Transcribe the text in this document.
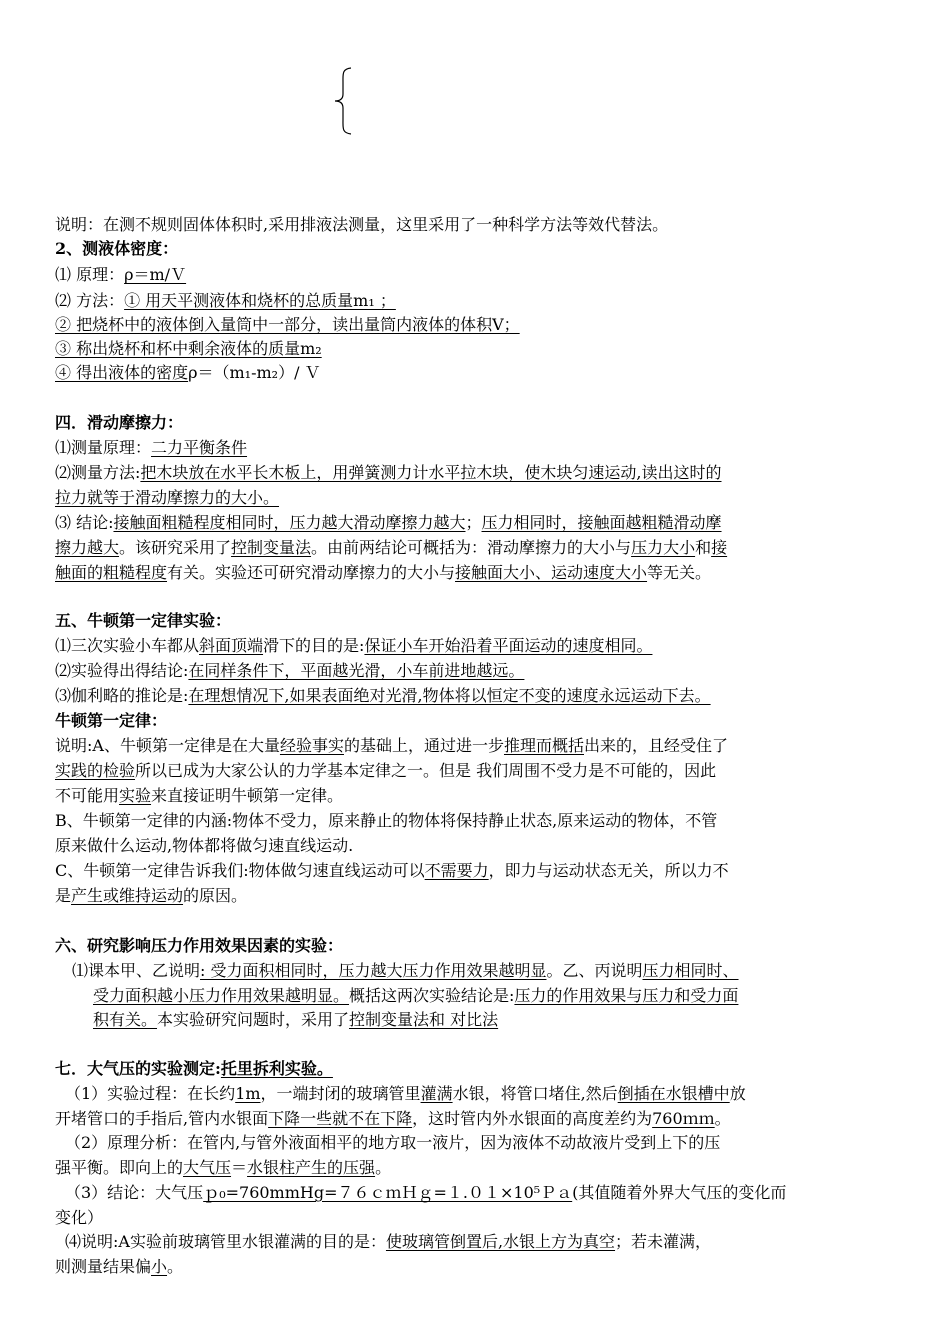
说明：在测不规则固体体积时,采用排液法测量，这里采用了一种科学方法等效代替法。
2、测液体密度：
⑴ 原理：ρ＝m/Ｖ
⑵ 方法：① 用天平测液体和烧杯的总质量m₁ ；
② 把烧杯中的液体倒入量筒中一部分，读出量筒内液体的体积V；
③ 称出烧杯和杯中剩余液体的质量m₂
④ 得出液体的密度ρ＝（m₁-m₂）/ Ｖ
四．滑动摩擦力：
⑴测量原理：二力平衡条件
⑵测量方法:把木块放在水平长木板上，用弹簧测力计水平拉木块，使木块匀速运动,读出这时的
拉力就等于滑动摩擦力的大小。
⑶ 结论:接触面粗糙程度相同时，压力越大滑动摩擦力越大；压力相同时，接触面越粗糙滑动摩
擦力越大。该研究采用了控制变量法。由前两结论可概括为：滑动摩擦力的大小与压力大小和接
触面的粗糙程度有关。实验还可研究滑动摩擦力的大小与接触面大小、运动速度大小等无关。
五、牛顿第一定律实验：
⑴三次实验小车都从斜面顶端滑下的目的是:保证小车开始沿着平面运动的速度相同。
⑵实验得出得结论:在同样条件下，平面越光滑，小车前进地越远。
⑶伽利略的推论是:在理想情况下,如果表面绝对光滑,物体将以恒定不变的速度永远运动下去。
牛顿第一定律：
说明:A、牛顿第一定律是在大量经验事实的基础上，通过进一步推理而概括出来的，且经受住了
实践的检验所以已成为大家公认的力学基本定律之一。但是 我们周围不受力是不可能的，因此
不可能用实验来直接证明牛顿第一定律。
B、牛顿第一定律的内涵:物体不受力，原来静止的物体将保持静止状态,原来运动的物体，不管
原来做什么运动,物体都将做匀速直线运动.
C、牛顿第一定律告诉我们:物体做匀速直线运动可以不需要力，即力与运动状态无关，所以力不
是产生或维持运动的原因。
六、研究影响压力作用效果因素的实验：
⑴课本甲、乙说明: 受力面积相同时，压力越大压力作用效果越明显。乙、丙说明压力相同时、
受力面积越小压力作用效果越明显。概括这两次实验结论是:压力的作用效果与压力和受力面
积有关。本实验研究问题时，采用了控制变量法和 对比法
七．大气压的实验测定:托里拆利实验。
（1）实验过程：在长约1m，一端封闭的玻璃管里灌满水银，将管口堵住,然后倒插在水银槽中放
开堵管口的手指后,管内水银面下降一些就不在下降，这时管内外水银面的高度差约为760ｍｍ。
（2）原理分析：在管内,与管外液面相平的地方取一液片，因为液体不动故液片受到上下的压
强平衡。即向上的大气压＝水银柱产生的压强。
（3）结论：大气压ｐ₀=760mmHg=７６ｃｍＨｇ=１.０１×10⁵Ｐａ(其值随着外界大气压的变化而
变化）
⑷说明:A实验前玻璃管里水银灌满的目的是：使玻璃管倒置后,水银上方为真空；若未灌满，
则测量结果偏小。
